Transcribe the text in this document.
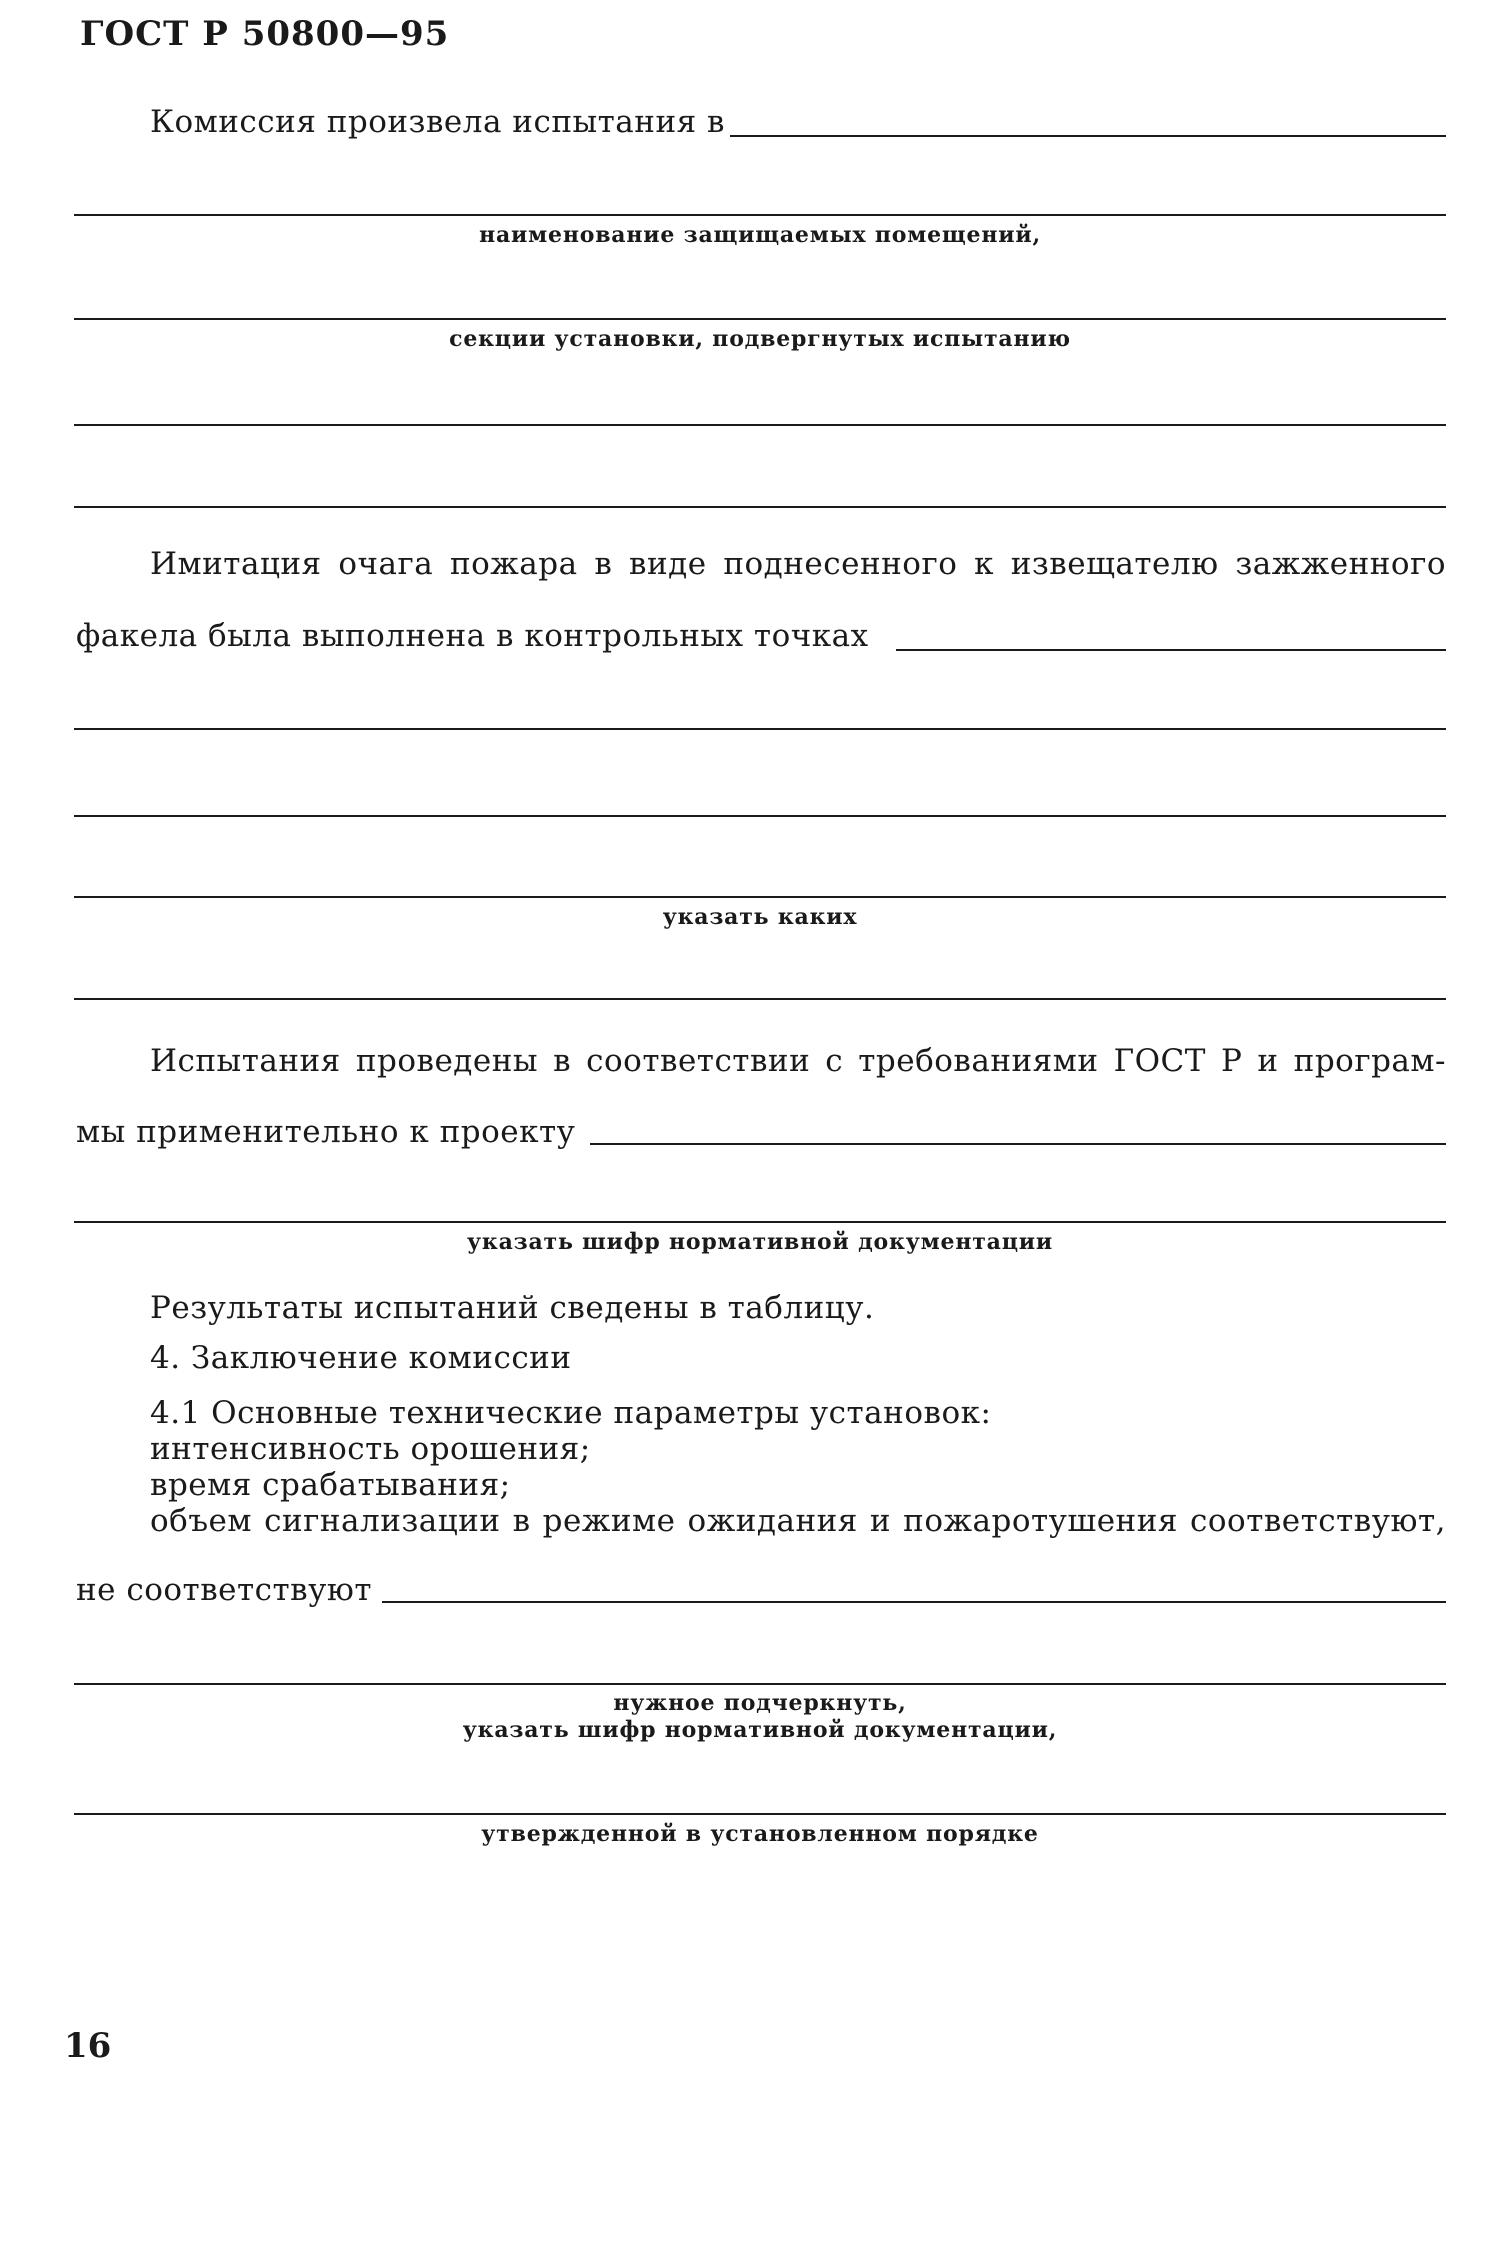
ГОСТ Р 50800—95
Комиссия произвела испытания в
наименование защищаемых помещений,
секции установки, подвергнутых испытанию
Имитация очага пожара в виде поднесенного к извещателю зажженного
факела была выполнена в контрольных точках
указать каких
Испытания проведены в соответствии с требованиями ГОСТ Р и програм-
мы применительно к проекту
указать шифр нормативной документации
Результаты испытаний сведены в таблицу.
4. Заключение комиссии
4.1 Основные технические параметры установок:
интенсивность орошения;
время срабатывания;
объем сигнализации в режиме ожидания и пожаротушения соответствуют,
не соответствуют
нужное подчеркнуть,
указать шифр нормативной документации,
утвержденной в установленном порядке
16
